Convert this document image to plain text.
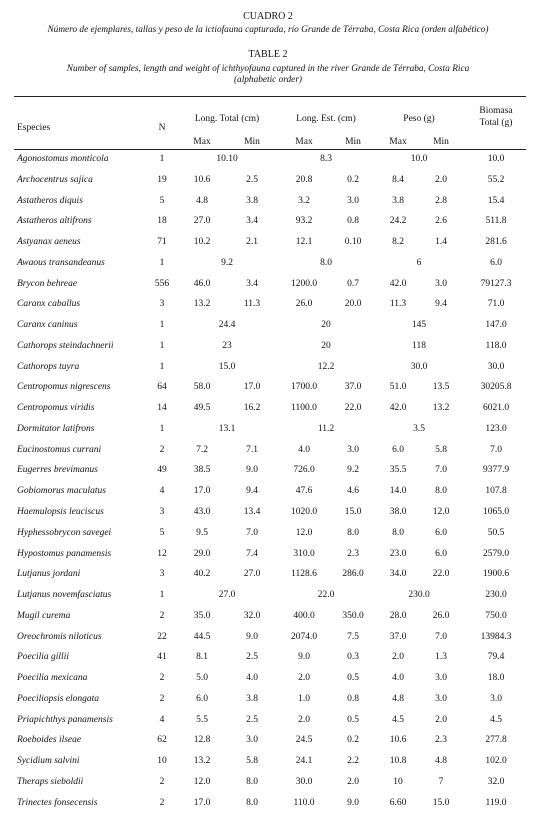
CUADRO 2
Número de ejemplares, tallas y peso de la ictiofauna capturada, río Grande de Térraba, Costa Rica (orden alfabético)
TABLE 2
Number of samples, length and weight of ichthyofauna captured in the river Grande de Térraba, Costa Rica
(alphabetic order)
Especies	N
Long. Total (cm)	Long. Est. (cm)	Peso (g)
Biomasa
Total (g)
Max	Min	Max	Min	Max	Min
Agonostomus monticola	1	10.10	8.3	10.0	10.0
Archocentrus sajica	19	10.6	2.5	20.8	0.2	8.4	2.0	55.2
Astatheros diquis	5	4.8	3.8	3.2	3.0	3.8	2.8	15.4
Astatheros altifrons	18	27.0	3.4	93.2	0.8	24.2	2.6	511.8
Astyanax aeneus	71	10.2	2.1	12.1	0.10	8.2	1.4	281.6
Awaous transandeanus	1	9.2	8.0	6	6.0
Brycon behreae	556	46.0	3.4	1200.0	0.7	42.0	3.0	79127.3
Caranx caballus	3	13.2	11.3	26.0	20.0	11.3	9.4	71.0
Caranx caninus	1	24.4	20	145	147.0
Cathorops steindachnerii	1	23	20	118	118.0
Cathorops tuyra	1	15.0	12.2	30.0	30.0
Centropomus nigrescens	64	58.0	17.0	1700.0	37.0	51.0	13.5	30205.8
Centropomus viridis	14	49.5	16.2	1100.0	22.0	42.0	13.2	6021.0
Dormitator latifrons	1	13.1	11.2	3.5	123.0
Eucinostomus currani	2	7.2	7.1	4.0	3.0	6.0	5.8	7.0
Eugerres brevimanus	49	38.5	9.0	726.0	9.2	35.5	7.0	9377.9
Gobiomorus maculatus	4	17.0	9.4	47.6	4.6	14.0	8.0	107.8
Haemulopsis leuciscus	3	43.0	13.4	1020.0	15.0	38.0	12.0	1065.0
Hyphessobrycon savegei	5	9.5	7.0	12.0	8.0	8.0	6.0	50.5
Hypostomus panamensis	12	29.0	7.4	310.0	2.3	23.0	6.0	2579.0
Lutjanus jordani	3	40.2	27.0	1128.6	286.0	34.0	22.0	1900.6
Lutjanus novemfasciatus	1	27.0	22.0	230.0	230.0
Mugil curema	2	35.0	32.0	400.0	350.0	28.0	26.0	750.0
Oreochromis niloticus	22	44.5	9.0	2074.0	7.5	37.0	7.0	13984.3
Poecilia gillii	41	8.1	2.5	9.0	0.3	2.0	1.3	79.4
Poecilia mexicana	2	5.0	4.0	2.0	0.5	4.0	3.0	18.0
Poeciliopsis elongata	2	6.0	3.8	1.0	0.8	4.8	3.0	3.0
Priapichthys panamensis	4	5.5	2.5	2.0	0.5	4.5	2.0	4.5
Roeboides ilseae	62	12.8	3.0	24.5	0.2	10.6	2.3	277.8
Sycidium salvini	10	13.2	5.8	24.1	2.2	10.8	4.8	102.0
Theraps sieboldii	2	12.0	8.0	30.0	2.0	10	7	32.0
Trinectes fonsecensis	2	17.0	8.0	110.0	9.0	6.60	15.0	119.0
